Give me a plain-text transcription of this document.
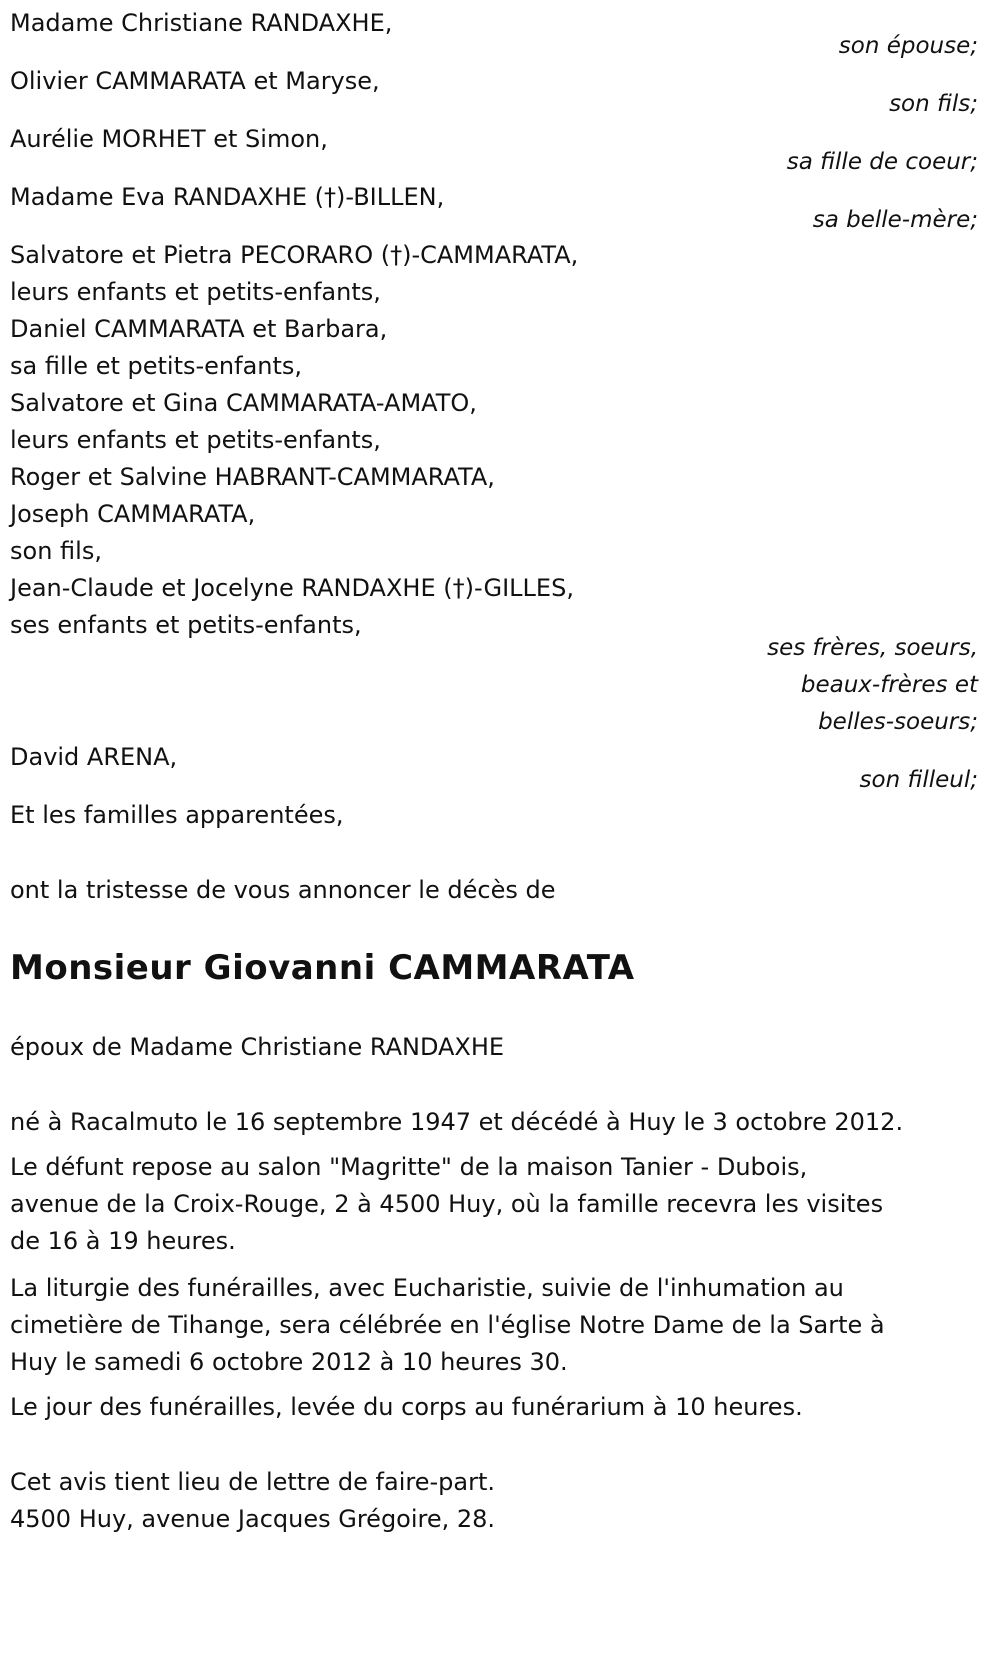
Madame Christiane RANDAXHE,

son épouse;

Olivier CAMMARATA et Maryse,

son fils;

Aurélie MORHET et Simon,

sa fille de coeur;

Madame Eva RANDAXHE (†)-BILLEN,

sa belle-mère;

Salvatore et Pietra PECORARO (†)-CAMMARATA,

leurs enfants et petits-enfants,

Daniel CAMMARATA et Barbara,

sa fille et petits-enfants,

Salvatore et Gina CAMMARATA-AMATO,

leurs enfants et petits-enfants,

Roger et Salvine HABRANT-CAMMARATA,

Joseph CAMMARATA,

son fils,

Jean-Claude et Jocelyne RANDAXHE (†)-GILLES,

ses enfants et petits-enfants,

ses frères, soeurs,

beaux-frères et

belles-soeurs;

David ARENA,

son filleul;

Et les familles apparentées,

ont la tristesse de vous annoncer le décès de

Monsieur Giovanni CAMMARATA

époux de Madame Christiane RANDAXHE

né à Racalmuto le 16 septembre 1947 et décédé à Huy le 3 octobre 2012.

Le défunt repose au salon "Magritte" de la maison Tanier - Dubois,

avenue de la Croix-Rouge, 2 à 4500 Huy, où la famille recevra les visites

de 16 à 19 heures.

La liturgie des funérailles, avec Eucharistie, suivie de l'inhumation au

cimetière de Tihange, sera célébrée en l'église Notre Dame de la Sarte à

Huy le samedi 6 octobre 2012 à 10 heures 30.

Le jour des funérailles, levée du corps au funérarium à 10 heures.

Cet avis tient lieu de lettre de faire-part.

4500 Huy, avenue Jacques Grégoire, 28.
